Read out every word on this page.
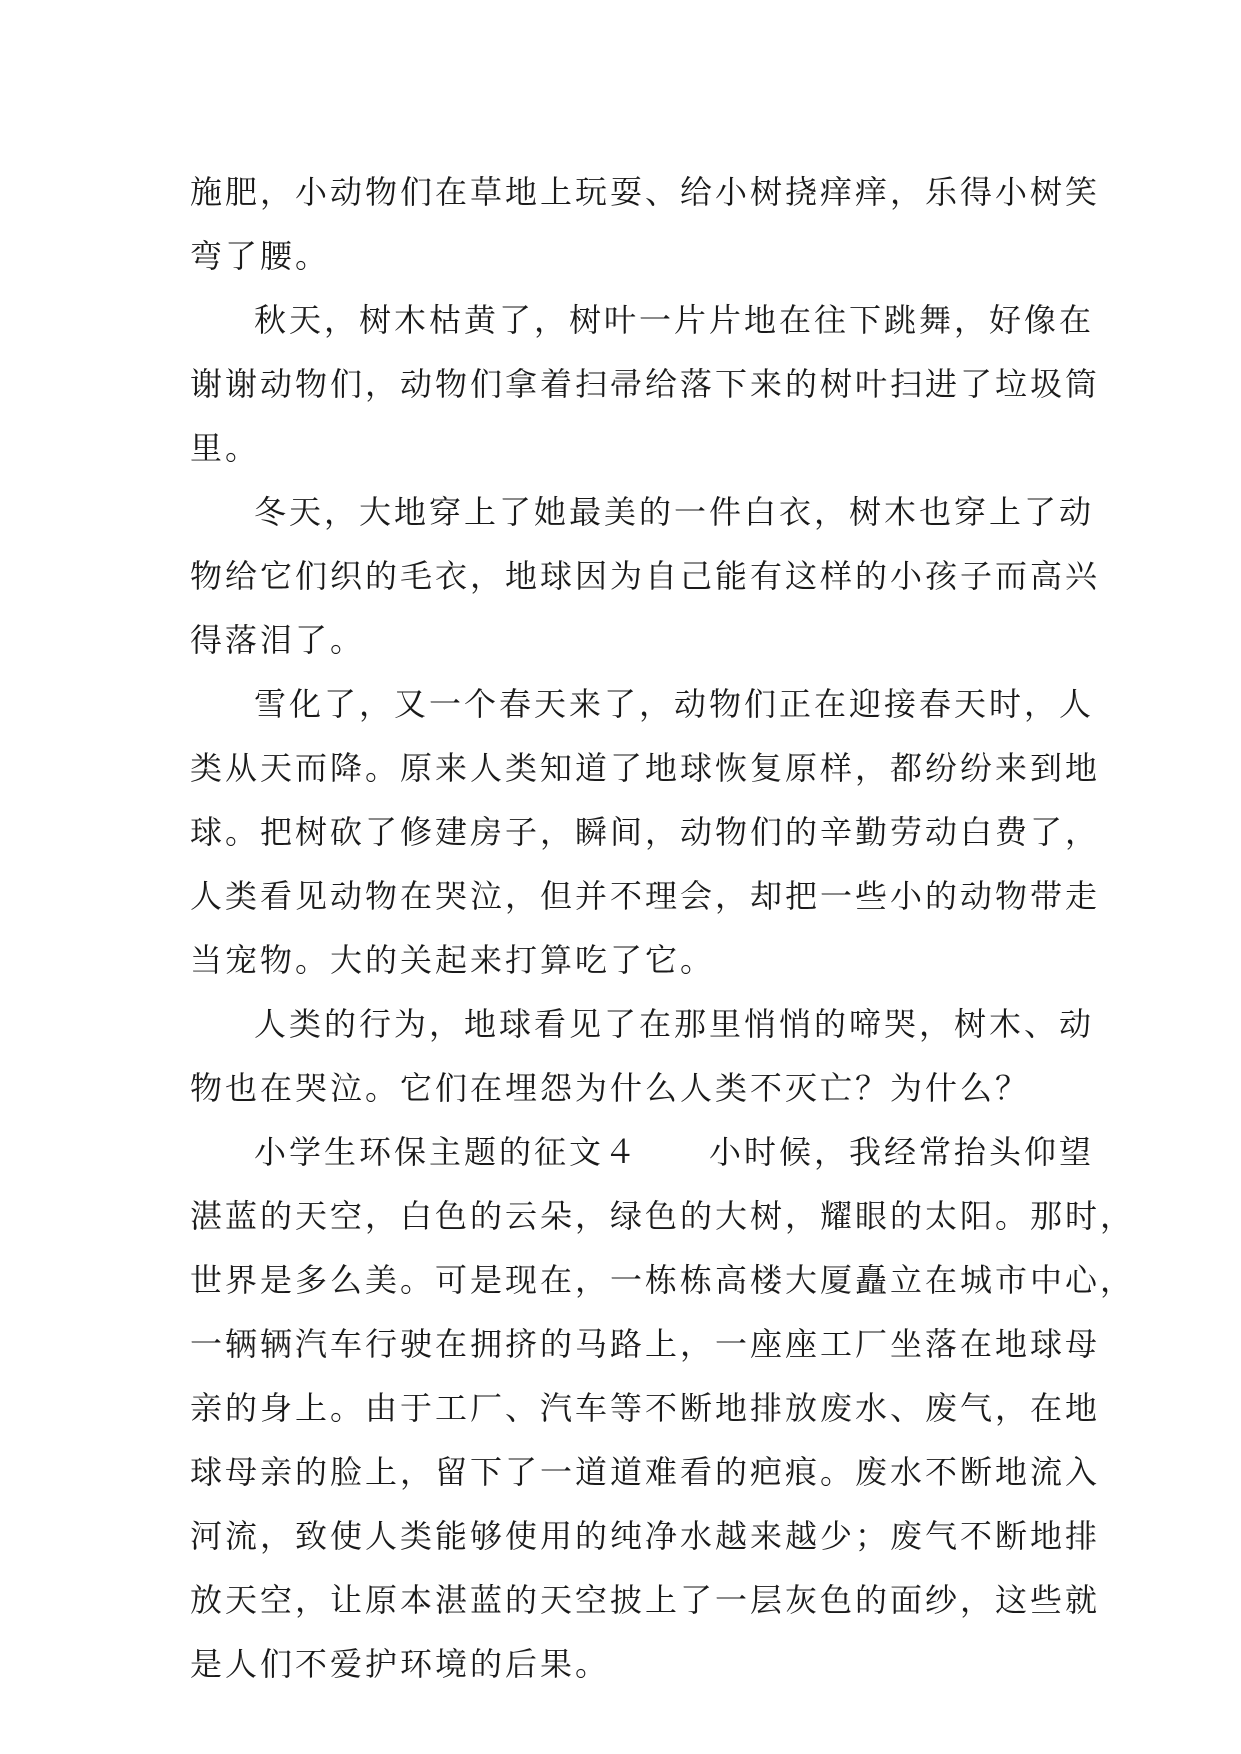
施肥，小动物们在草地上玩耍、给小树挠痒痒，乐得小树笑
弯了腰。
秋天，树木枯黄了，树叶一片片地在往下跳舞，好像在
谢谢动物们，动物们拿着扫帚给落下来的树叶扫进了垃圾筒
里。
冬天，大地穿上了她最美的一件白衣，树木也穿上了动
物给它们织的毛衣，地球因为自己能有这样的小孩子而高兴
得落泪了。
雪化了，又一个春天来了，动物们正在迎接春天时，人
类从天而降。原来人类知道了地球恢复原样，都纷纷来到地
球。把树砍了修建房子，瞬间，动物们的辛勤劳动白费了，
人类看见动物在哭泣，但并不理会，却把一些小的动物带走
当宠物。大的关起来打算吃了它。
人类的行为，地球看见了在那里悄悄的啼哭，树木、动
物也在哭泣。它们在埋怨为什么人类不灭亡？为什么？
小学生环保主题的征文４　　小时候，我经常抬头仰望
湛蓝的天空，白色的云朵，绿色的大树，耀眼的太阳。那时，
世界是多么美。可是现在，一栋栋高楼大厦矗立在城市中心，
一辆辆汽车行驶在拥挤的马路上，一座座工厂坐落在地球母
亲的身上。由于工厂、汽车等不断地排放废水、废气，在地
球母亲的脸上，留下了一道道难看的疤痕。废水不断地流入
河流，致使人类能够使用的纯净水越来越少；废气不断地排
放天空，让原本湛蓝的天空披上了一层灰色的面纱，这些就
是人们不爱护环境的后果。
